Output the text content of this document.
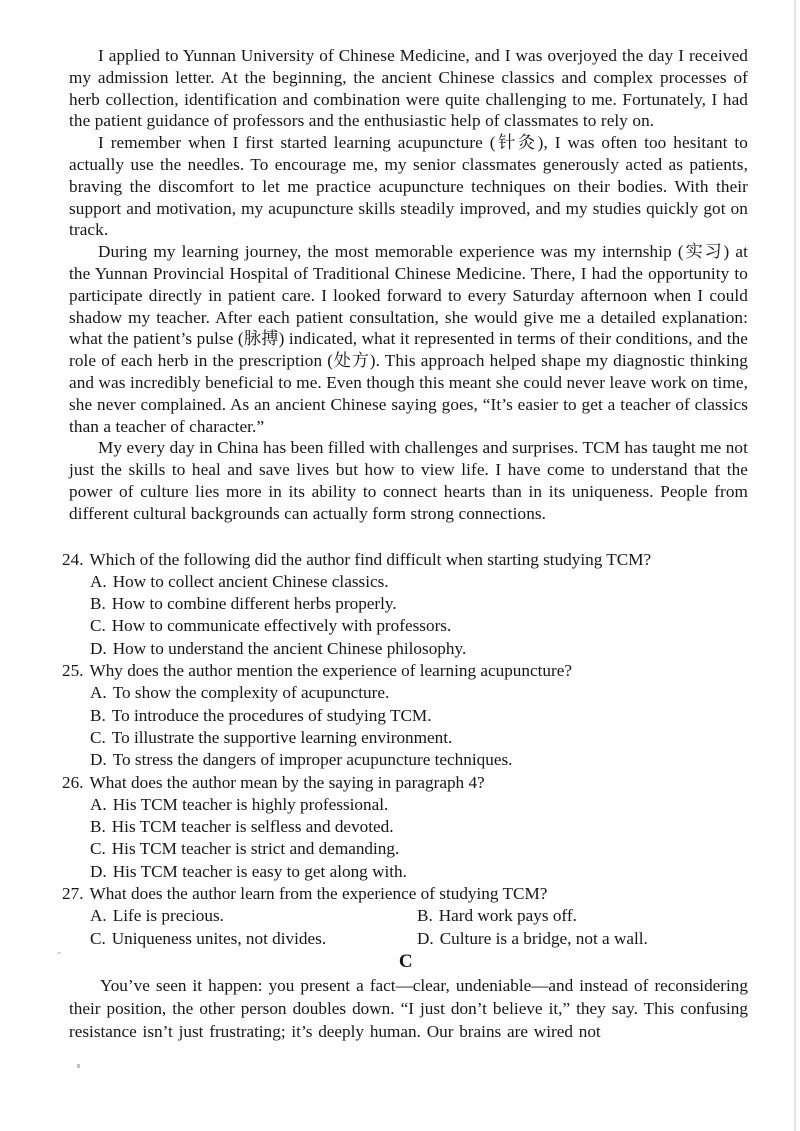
I applied to Yunnan University of Chinese Medicine, and I was overjoyed the day I received my admission letter. At the beginning, the ancient Chinese classics and complex processes of herb collection, identification and combination were quite challenging to me. Fortunately, I had the patient guidance of professors and the enthusiastic help of classmates to rely on.

I remember when I first started learning acupuncture (针灸), I was often too hesitant to actually use the needles. To encourage me, my senior classmates generously acted as patients, braving the discomfort to let me practice acupuncture techniques on their bodies. With their support and motivation, my acupuncture skills steadily improved, and my studies quickly got on track.

During my learning journey, the most memorable experience was my internship (实习) at the Yunnan Provincial Hospital of Traditional Chinese Medicine. There, I had the opportunity to participate directly in patient care. I looked forward to every Saturday afternoon when I could shadow my teacher. After each patient consultation, she would give me a detailed explanation: what the patient’s pulse (脉搏) indicated, what it represented in terms of their conditions, and the role of each herb in the prescription (处方). This approach helped shape my diagnostic thinking and was incredibly beneficial to me. Even though this meant she could never leave work on time, she never complained. As an ancient Chinese saying goes, “It’s easier to get a teacher of classics than a teacher of character.”

My every day in China has been filled with challenges and surprises. TCM has taught me not just the skills to heal and save lives but how to view life. I have come to understand that the power of culture lies more in its ability to connect hearts than in its uniqueness. People from different cultural backgrounds can actually form strong connections.

24. Which of the following did the author find difficult when starting studying TCM?
A. How to collect ancient Chinese classics.
B. How to combine different herbs properly.
C. How to communicate effectively with professors.
D. How to understand the ancient Chinese philosophy.
25. Why does the author mention the experience of learning acupuncture?
A. To show the complexity of acupuncture.
B. To introduce the procedures of studying TCM.
C. To illustrate the supportive learning environment.
D. To stress the dangers of improper acupuncture techniques.
26. What does the author mean by the saying in paragraph 4?
A. His TCM teacher is highly professional.
B. His TCM teacher is selfless and devoted.
C. His TCM teacher is strict and demanding.
D. His TCM teacher is easy to get along with.
27. What does the author learn from the experience of studying TCM?
A. Life is precious.	B. Hard work pays off.
C. Uniqueness unites, not divides.	D. Culture is a bridge, not a wall.
C

You’ve seen it happen: you present a fact—clear, undeniable—and instead of reconsidering their position, the other person doubles down. “I just don’t believe it,” they say. This confusing resistance isn’t just frustrating; it’s deeply human. Our brains are wired not
